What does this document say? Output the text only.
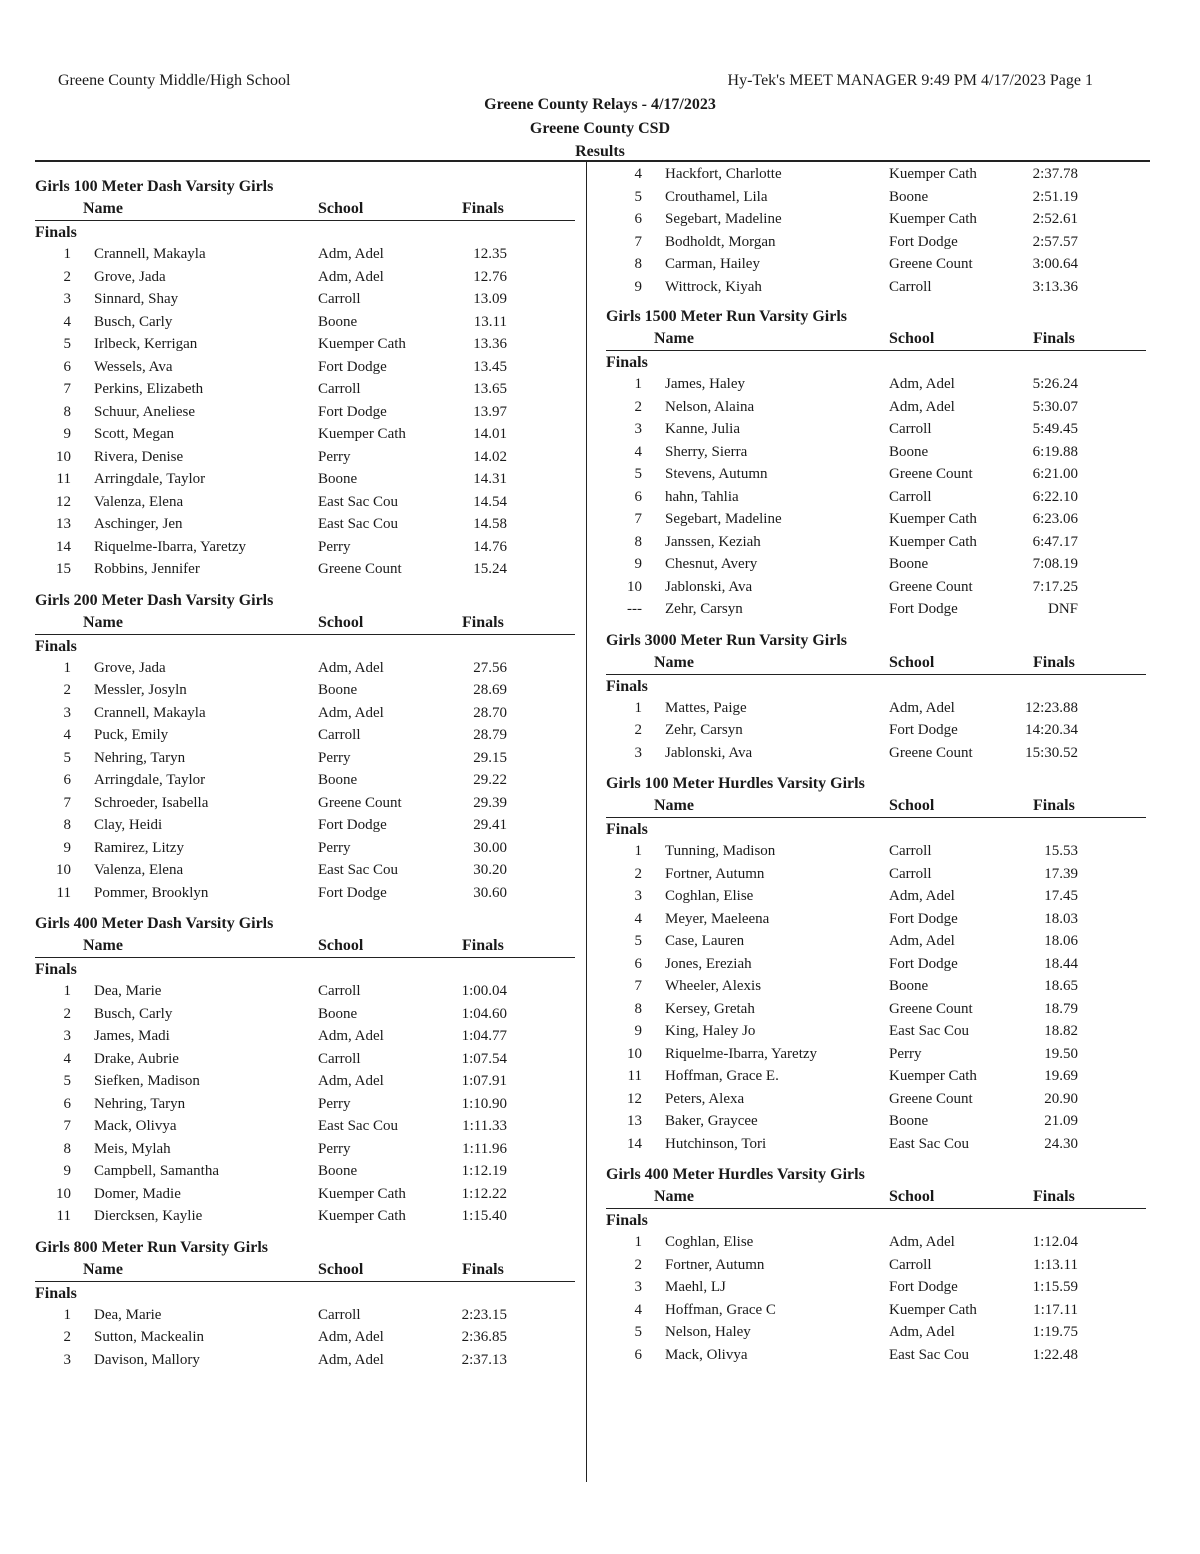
Greene County Middle/High School	Hy-Tek's MEET MANAGER 9:49 PM 4/17/2023 Page 1
Greene County Relays - 4/17/2023
Greene County CSD
Results
Girls 100 Meter Dash Varsity Girls
Name	School	Finals
Finals
1 Crannell, Makayla	Adm, Adel	12.35
2 Grove, Jada	Adm, Adel	12.76
3 Sinnard, Shay	Carroll	13.09
4 Busch, Carly	Boone	13.11
5 Irlbeck, Kerrigan	Kuemper Cath	13.36
6 Wessels, Ava	Fort Dodge	13.45
7 Perkins, Elizabeth	Carroll	13.65
8 Schuur, Aneliese	Fort Dodge	13.97
9 Scott, Megan	Kuemper Cath	14.01
10 Rivera, Denise	Perry	14.02
11 Arringdale, Taylor	Boone	14.31
12 Valenza, Elena	East Sac Cou	14.54
13 Aschinger, Jen	East Sac Cou	14.58
14 Riquelme-Ibarra, Yaretzy	Perry	14.76
15 Robbins, Jennifer	Greene Count	15.24
Girls 200 Meter Dash Varsity Girls
Name	School	Finals
Finals
1 Grove, Jada	Adm, Adel	27.56
2 Messler, Josyln	Boone	28.69
3 Crannell, Makayla	Adm, Adel	28.70
4 Puck, Emily	Carroll	28.79
5 Nehring, Taryn	Perry	29.15
6 Arringdale, Taylor	Boone	29.22
7 Schroeder, Isabella	Greene Count	29.39
8 Clay, Heidi	Fort Dodge	29.41
9 Ramirez, Litzy	Perry	30.00
10 Valenza, Elena	East Sac Cou	30.20
11 Pommer, Brooklyn	Fort Dodge	30.60
Girls 400 Meter Dash Varsity Girls
Name	School	Finals
Finals
1 Dea, Marie	Carroll	1:00.04
2 Busch, Carly	Boone	1:04.60
3 James, Madi	Adm, Adel	1:04.77
4 Drake, Aubrie	Carroll	1:07.54
5 Siefken, Madison	Adm, Adel	1:07.91
6 Nehring, Taryn	Perry	1:10.90
7 Mack, Olivya	East Sac Cou	1:11.33
8 Meis, Mylah	Perry	1:11.96
9 Campbell, Samantha	Boone	1:12.19
10 Domer, Madie	Kuemper Cath	1:12.22
11 Diercksen, Kaylie	Kuemper Cath	1:15.40
Girls 800 Meter Run Varsity Girls
Name	School	Finals
Finals
1 Dea, Marie	Carroll	2:23.15
2 Sutton, Mackealin	Adm, Adel	2:36.85
3 Davison, Mallory	Adm, Adel	2:37.13
4 Hackfort, Charlotte	Kuemper Cath	2:37.78
5 Crouthamel, Lila	Boone	2:51.19
6 Segebart, Madeline	Kuemper Cath	2:52.61
7 Bodholdt, Morgan	Fort Dodge	2:57.57
8 Carman, Hailey	Greene Count	3:00.64
9 Wittrock, Kiyah	Carroll	3:13.36
Girls 1500 Meter Run Varsity Girls
Name	School	Finals
Finals
1 James, Haley	Adm, Adel	5:26.24
2 Nelson, Alaina	Adm, Adel	5:30.07
3 Kanne, Julia	Carroll	5:49.45
4 Sherry, Sierra	Boone	6:19.88
5 Stevens, Autumn	Greene Count	6:21.00
6 hahn, Tahlia	Carroll	6:22.10
7 Segebart, Madeline	Kuemper Cath	6:23.06
8 Janssen, Keziah	Kuemper Cath	6:47.17
9 Chesnut, Avery	Boone	7:08.19
10 Jablonski, Ava	Greene Count	7:17.25
--- Zehr, Carsyn	Fort Dodge	DNF
Girls 3000 Meter Run Varsity Girls
Name	School	Finals
Finals
1 Mattes, Paige	Adm, Adel	12:23.88
2 Zehr, Carsyn	Fort Dodge	14:20.34
3 Jablonski, Ava	Greene Count	15:30.52
Girls 100 Meter Hurdles Varsity Girls
Name	School	Finals
Finals
1 Tunning, Madison	Carroll	15.53
2 Fortner, Autumn	Carroll	17.39
3 Coghlan, Elise	Adm, Adel	17.45
4 Meyer, Maeleena	Fort Dodge	18.03
5 Case, Lauren	Adm, Adel	18.06
6 Jones, Ereziah	Fort Dodge	18.44
7 Wheeler, Alexis	Boone	18.65
8 Kersey, Gretah	Greene Count	18.79
9 King, Haley Jo	East Sac Cou	18.82
10 Riquelme-Ibarra, Yaretzy	Perry	19.50
11 Hoffman, Grace E.	Kuemper Cath	19.69
12 Peters, Alexa	Greene Count	20.90
13 Baker, Graycee	Boone	21.09
14 Hutchinson, Tori	East Sac Cou	24.30
Girls 400 Meter Hurdles Varsity Girls
Name	School	Finals
Finals
1 Coghlan, Elise	Adm, Adel	1:12.04
2 Fortner, Autumn	Carroll	1:13.11
3 Maehl, LJ	Fort Dodge	1:15.59
4 Hoffman, Grace C	Kuemper Cath	1:17.11
5 Nelson, Haley	Adm, Adel	1:19.75
6 Mack, Olivya	East Sac Cou	1:22.48
